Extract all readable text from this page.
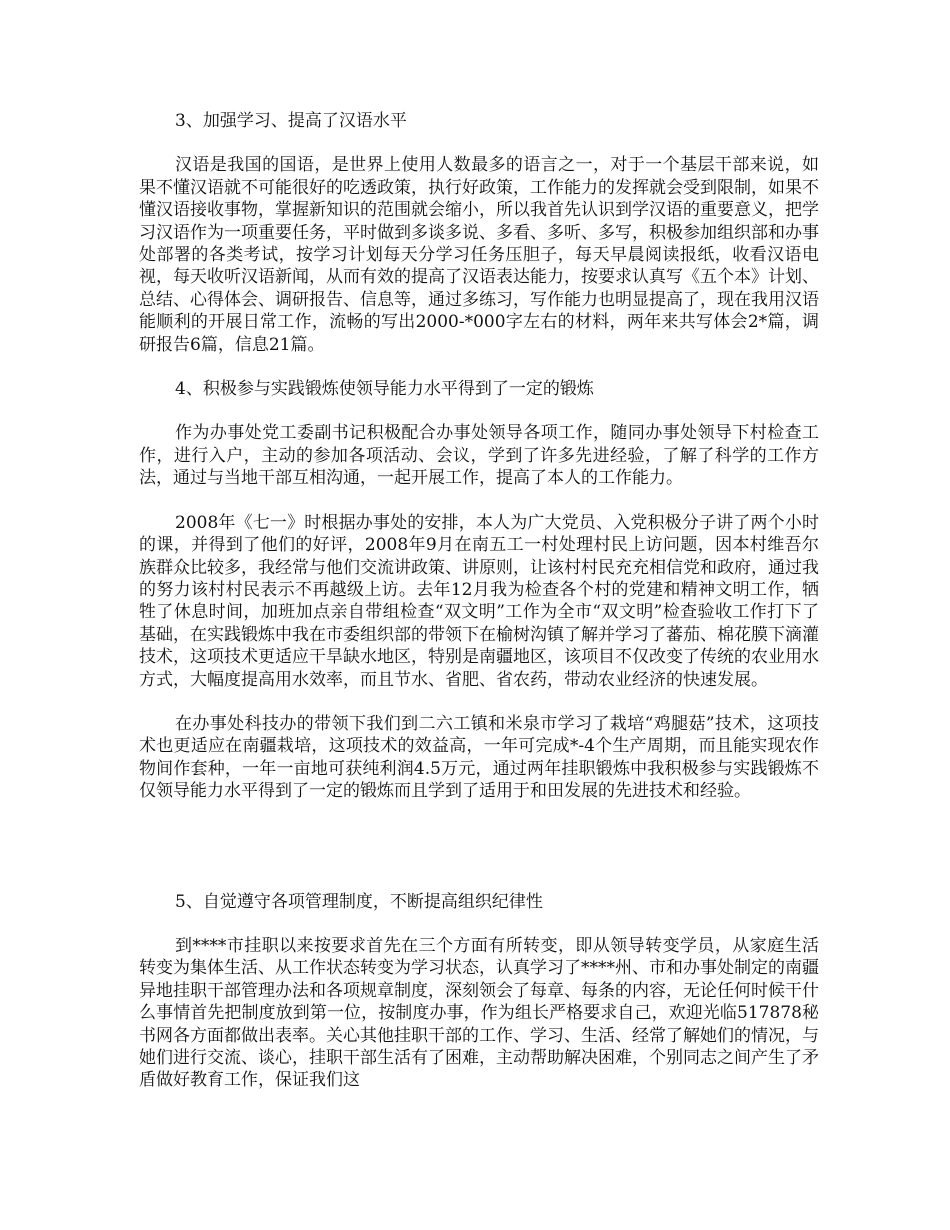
3、加强学习、提高了汉语水平

汉语是我国的国语，是世界上使用人数最多的语言之一，对于一个基层干部来说，如果不懂汉语就不可能很好的吃透政策，执行好政策，工作能力的发挥就会受到限制，如果不懂汉语接收事物，掌握新知识的范围就会缩小，所以我首先认识到学汉语的重要意义，把学习汉语作为一项重要任务，平时做到多谈多说、多看、多听、多写，积极参加组织部和办事处部署的各类考试，按学习计划每天分学习任务压胆子，每天早晨阅读报纸，收看汉语电视，每天收听汉语新闻，从而有效的提高了汉语表达能力，按要求认真写《五个本》计划、总结、心得体会、调研报告、信息等，通过多练习，写作能力也明显提高了，现在我用汉语能顺利的开展日常工作，流畅的写出2000-*000字左右的材料，两年来共写体会2*篇，调研报告6篇，信息21篇。

4、积极参与实践锻炼使领导能力水平得到了一定的锻炼

作为办事处党工委副书记积极配合办事处领导各项工作，随同办事处领导下村检查工作，进行入户，主动的参加各项活动、会议，学到了许多先进经验，了解了科学的工作方法，通过与当地干部互相沟通，一起开展工作，提高了本人的工作能力。

2008年《七一》时根据办事处的安排，本人为广大党员、入党积极分子讲了两个小时的课，并得到了他们的好评，2008年9月在南五工一村处理村民上访问题，因本村维吾尔族群众比较多，我经常与他们交流讲政策、讲原则，让该村村民充充相信党和政府，通过我的努力该村村民表示不再越级上访。去年12月我为检查各个村的党建和精神文明工作，牺牲了休息时间，加班加点亲自带组检查“双文明”工作为全市“双文明”检查验收工作打下了基础，在实践锻炼中我在市委组织部的带领下在榆树沟镇了解并学习了蕃茄、棉花膜下滴灌技术，这项技术更适应干旱缺水地区，特别是南疆地区，该项目不仅改变了传统的农业用水方式，大幅度提高用水效率，而且节水、省肥、省农药，带动农业经济的快速发展。

在办事处科技办的带领下我们到二六工镇和米泉市学习了栽培“鸡腿菇”技术，这项技术也更适应在南疆栽培，这项技术的效益高，一年可完成*-4个生产周期，而且能实现农作物间作套种，一年一亩地可获纯利润4.5万元，通过两年挂职锻炼中我积极参与实践锻炼不仅领导能力水平得到了一定的锻炼而且学到了适用于和田发展的先进技术和经验。

5、自觉遵守各项管理制度，不断提高组织纪律性

到****市挂职以来按要求首先在三个方面有所转变，即从领导转变学员，从家庭生活转变为集体生活、从工作状态转变为学习状态，认真学习了****州、市和办事处制定的南疆异地挂职干部管理办法和各项规章制度，深刻领会了每章、每条的内容，无论任何时候干什么事情首先把制度放到第一位，按制度办事，作为组长严格要求自己，欢迎光临517878秘书网各方面都做出表率。关心其他挂职干部的工作、学习、生活、经常了解她们的情况，与她们进行交流、谈心，挂职干部生活有了困难，主动帮助解决困难，个别同志之间产生了矛盾做好教育工作，保证我们这
